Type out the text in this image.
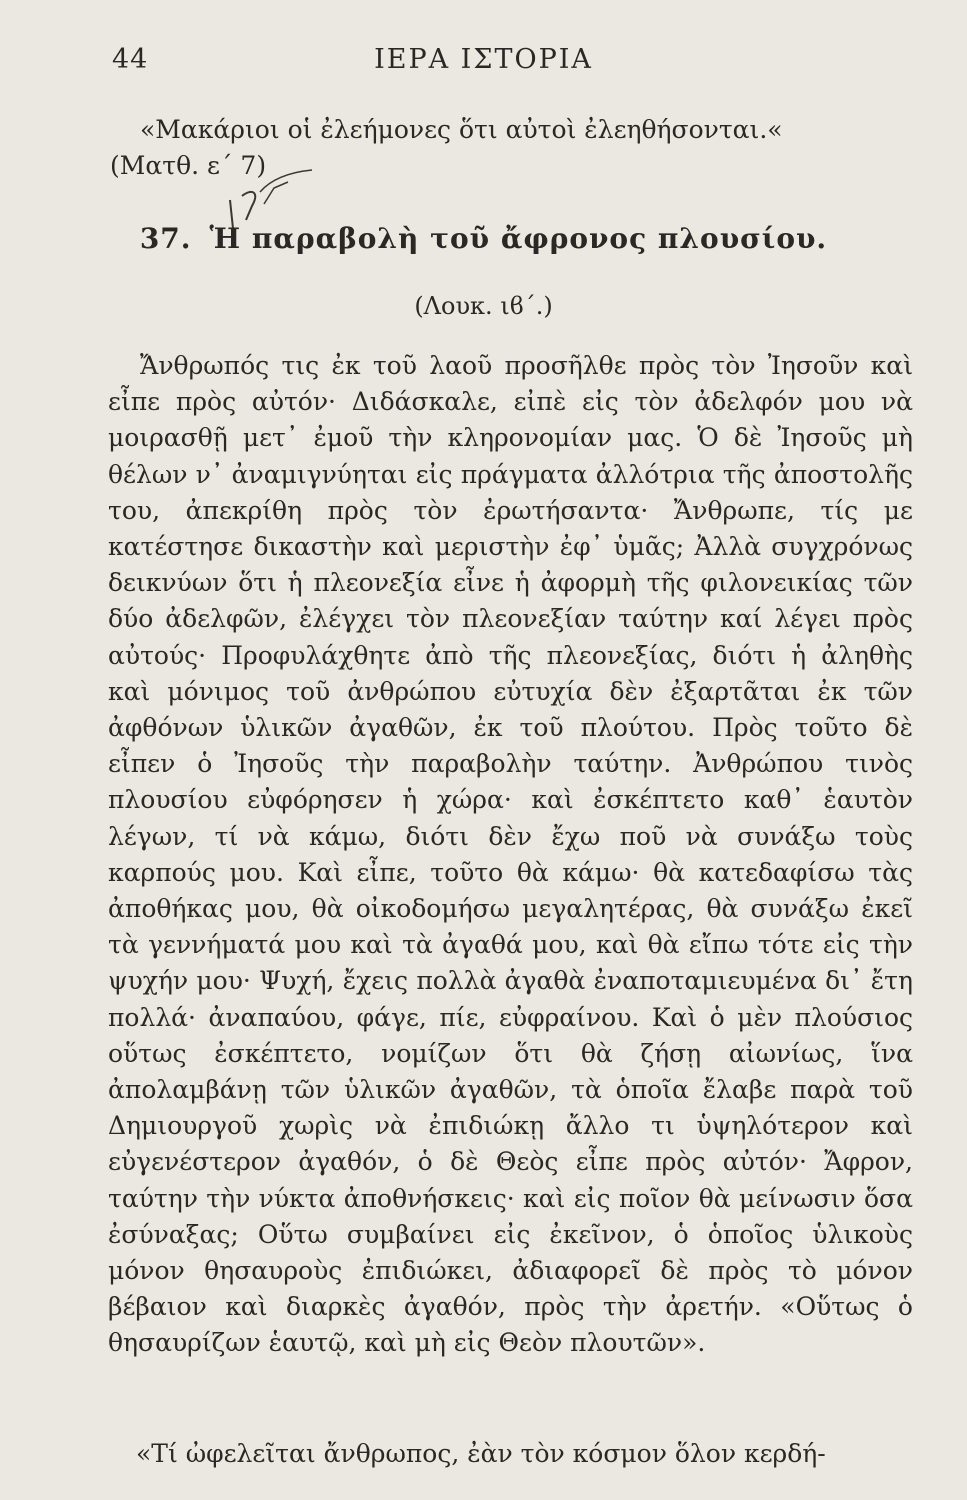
44	ΙΕΡΑ ΙΣΤΟΡΙΑ
«Μακάριοι οἱ ἐλεήμονες ὅτι αὐτοὶ ἐλεηθήσονται.«
(Ματθ. ε΄ 7)
37. Ἡ παραβολὴ τοῦ ἄφρονος πλουσίου.
(Λουκ. ιϐ΄.)

Ἄνθρωπός τις ἐκ τοῦ λαοῦ προσῆλθε πρὸς τὸν Ἰησοῦν καὶ εἶπε πρὸς αὐτόν· Διδάσκαλε, εἰπὲ εἰς τὸν ἀδελφόν μου νὰ μοιρασθῇ μετ᾽ ἐμοῦ τὴν κληρονομίαν μας. Ὁ δὲ Ἰησοῦς μὴ θέλων ν᾽ ἀναμιγνύηται εἰς πράγματα ἀλλότρια τῆς ἀποστολῆς του, ἀπεκρίθη πρὸς τὸν ἐρωτήσαντα· Ἄνθρωπε, τίς με κατέστησε δικαστὴν καὶ μεριστὴν ἐφ᾽ ὑμᾶς; Ἀλλὰ συγχρόνως δεικνύων ὅτι ἡ πλεονεξία εἶνε ἡ ἀφορμὴ τῆς φιλονεικίας τῶν δύο ἀδελφῶν, ἐλέγχει τὸν πλεονεξίαν ταύτην καί λέγει πρὸς αὐτούς· Προφυλάχθητε ἀπὸ τῆς πλεονεξίας, διότι ἡ ἀληθὴς καὶ μόνιμος τοῦ ἀνθρώπου εὐτυχία δὲν ἐξαρτᾶται ἐκ τῶν ἀφθόνων ὑλικῶν ἀγαθῶν, ἐκ τοῦ πλούτου. Πρὸς τοῦτο δὲ εἶπεν ὁ Ἰησοῦς τὴν παραβολὴν ταύτην. Ἀνθρώπου τινὸς πλουσίου εὐφόρησεν ἡ χώρα· καὶ ἐσκέπτετο καθ᾽ ἑαυτὸν λέγων, τί νὰ κάμω, διότι δὲν ἔχω ποῦ νὰ συνάξω τοὺς καρπούς μου. Καὶ εἶπε, τοῦτο θὰ κάμω· θὰ κατεδαφίσω τὰς ἀποθήκας μου, θὰ οἰκοδομήσω μεγαλητέρας, θὰ συνάξω ἐκεῖ τὰ γεννήματά μου καὶ τὰ ἀγαθά μου, καὶ θὰ εἴπω τότε εἰς τὴν ψυχήν μου· Ψυχή, ἔχεις πολλὰ ἀγαθὰ ἐναποταμιευμένα δι᾽ ἔτη πολλά· ἀναπαύου, φάγε, πίε, εὐφραίνου. Καὶ ὁ μὲν πλούσιος οὕτως ἐσκέπτετο, νομίζων ὅτι θὰ ζήσῃ αἰωνίως, ἵνα ἀπολαμβάνῃ τῶν ὑλικῶν ἀγαθῶν, τὰ ὁποῖα ἔλαβε παρὰ τοῦ Δημιουργοῦ χωρὶς νὰ ἐπιδιώκῃ ἄλλο τι ὑψηλότερον καὶ εὐγενέστερον ἀγαθόν, ὁ δὲ Θεὸς εἶπε πρὸς αὐτόν· Ἄφρον, ταύτην τὴν νύκτα ἀποθνήσκεις· καὶ εἰς ποῖον θὰ μείνωσιν ὅσα ἐσύναξας; Οὕτω συμβαίνει εἰς ἐκεῖνον, ὁ ὁποῖος ὑλικοὺς μόνον θησαυροὺς ἐπιδιώκει, ἀδιαφορεῖ δὲ πρὸς τὸ μόνον βέβαιον καὶ διαρκὲς ἀγαθόν, πρὸς τὴν ἀρετήν. «Οὕτως ὁ θησαυρίζων ἑαυτῷ, καὶ μὴ εἰς Θεὸν πλουτῶν».

«Τί ὠφελεῖται ἄνθρωπος, ἐὰν τὸν κόσμον ὅλον κερδή-
